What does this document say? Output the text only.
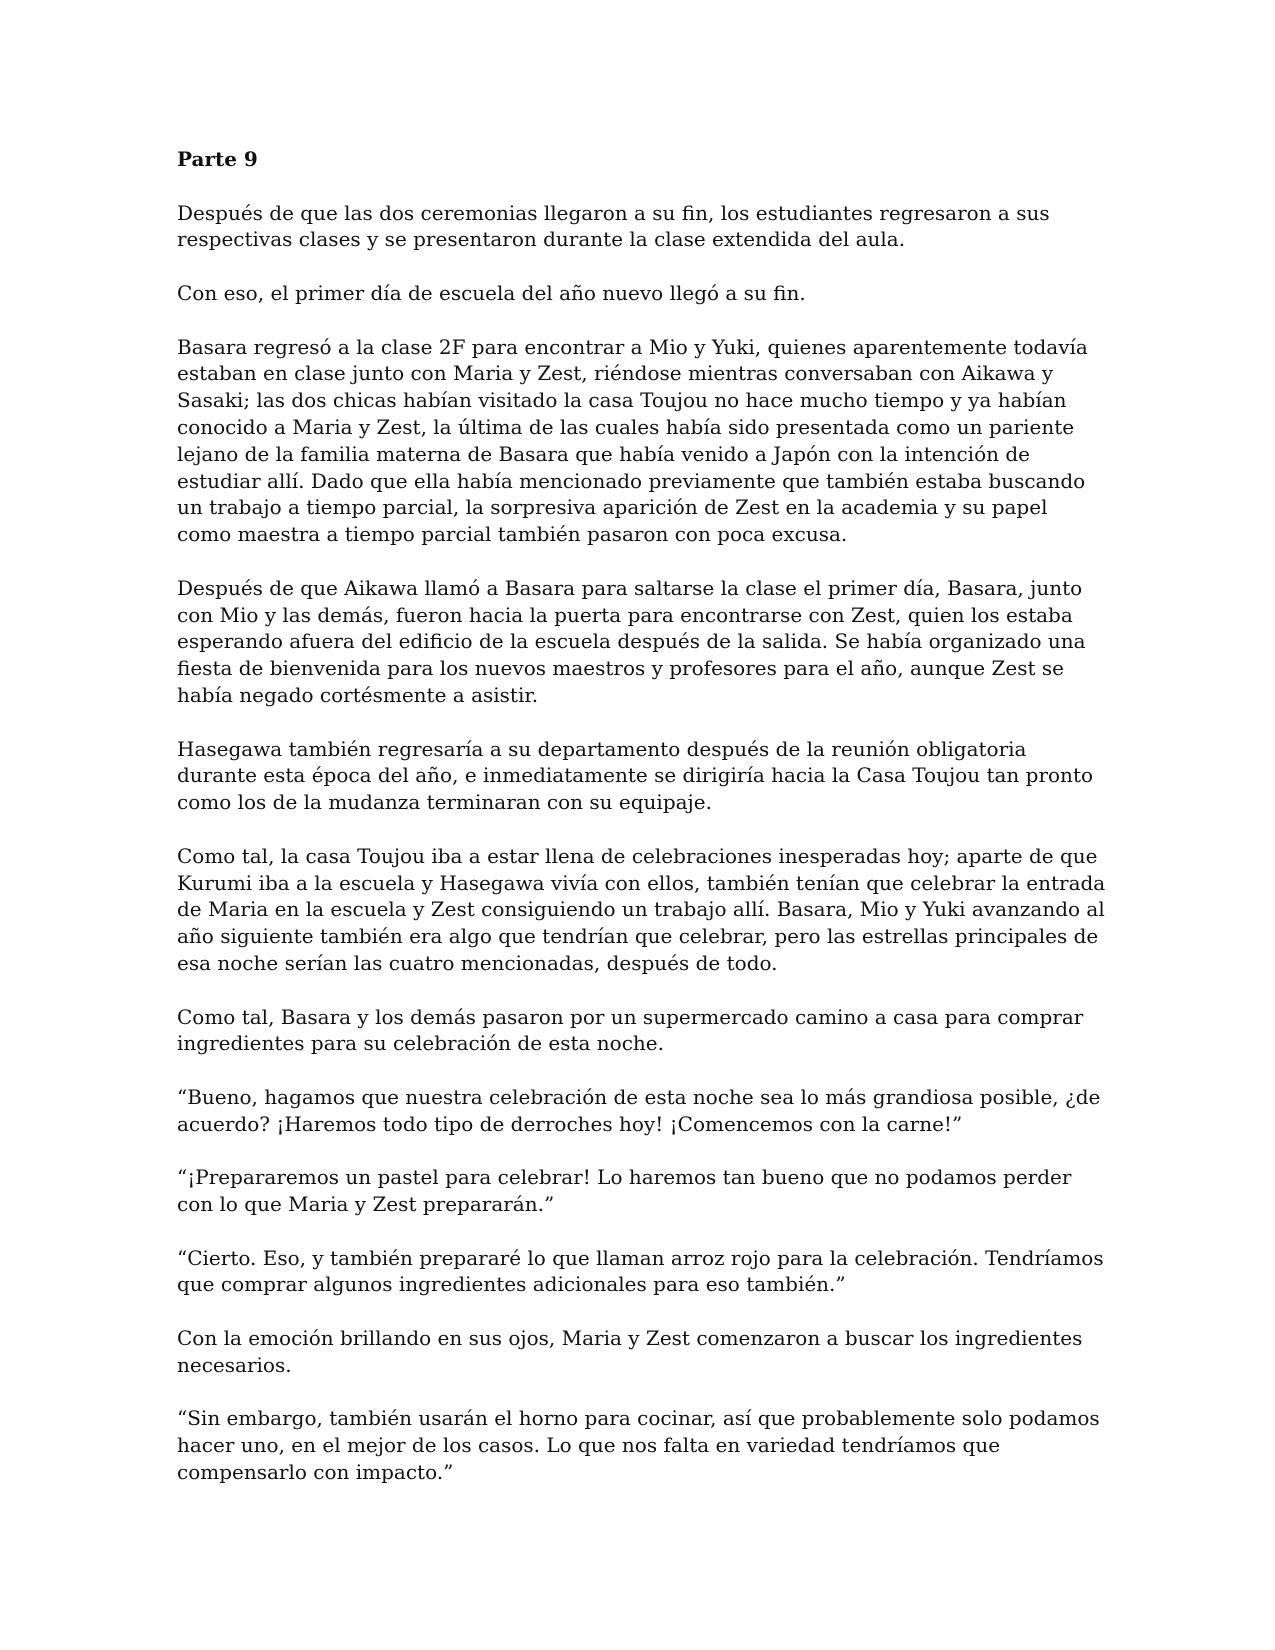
Parte 9

Después de que las dos ceremonias llegaron a su fin, los estudiantes regresaron a sus respectivas clases y se presentaron durante la clase extendida del aula.

Con eso, el primer día de escuela del año nuevo llegó a su fin.

Basara regresó a la clase 2F para encontrar a Mio y Yuki, quienes aparentemente todavía estaban en clase junto con Maria y Zest, riéndose mientras conversaban con Aikawa y Sasaki; las dos chicas habían visitado la casa Toujou no hace mucho tiempo y ya habían conocido a Maria y Zest, la última de las cuales había sido presentada como un pariente lejano de la familia materna de Basara que había venido a Japón con la intención de estudiar allí. Dado que ella había mencionado previamente que también estaba buscando un trabajo a tiempo parcial, la sorpresiva aparición de Zest en la academia y su papel como maestra a tiempo parcial también pasaron con poca excusa.

Después de que Aikawa llamó a Basara para saltarse la clase el primer día, Basara, junto con Mio y las demás, fueron hacia la puerta para encontrarse con Zest, quien los estaba esperando afuera del edificio de la escuela después de la salida. Se había organizado una fiesta de bienvenida para los nuevos maestros y profesores para el año, aunque Zest se había negado cortésmente a asistir.

Hasegawa también regresaría a su departamento después de la reunión obligatoria durante esta época del año, e inmediatamente se dirigiría hacia la Casa Toujou tan pronto como los de la mudanza terminaran con su equipaje.

Como tal, la casa Toujou iba a estar llena de celebraciones inesperadas hoy; aparte de que Kurumi iba a la escuela y Hasegawa vivía con ellos, también tenían que celebrar la entrada de Maria en la escuela y Zest consiguiendo un trabajo allí. Basara, Mio y Yuki avanzando al año siguiente también era algo que tendrían que celebrar, pero las estrellas principales de esa noche serían las cuatro mencionadas, después de todo.

Como tal, Basara y los demás pasaron por un supermercado camino a casa para comprar ingredientes para su celebración de esta noche.

“Bueno, hagamos que nuestra celebración de esta noche sea lo más grandiosa posible, ¿de acuerdo? ¡Haremos todo tipo de derroches hoy! ¡Comencemos con la carne!”

“¡Prepararemos un pastel para celebrar! Lo haremos tan bueno que no podamos perder con lo que Maria y Zest prepararán.”

“Cierto. Eso, y también prepararé lo que llaman arroz rojo para la celebración. Tendríamos que comprar algunos ingredientes adicionales para eso también.”

Con la emoción brillando en sus ojos, Maria y Zest comenzaron a buscar los ingredientes necesarios.

“Sin embargo, también usarán el horno para cocinar, así que probablemente solo podamos hacer uno, en el mejor de los casos. Lo que nos falta en variedad tendríamos que compensarlo con impacto.”
